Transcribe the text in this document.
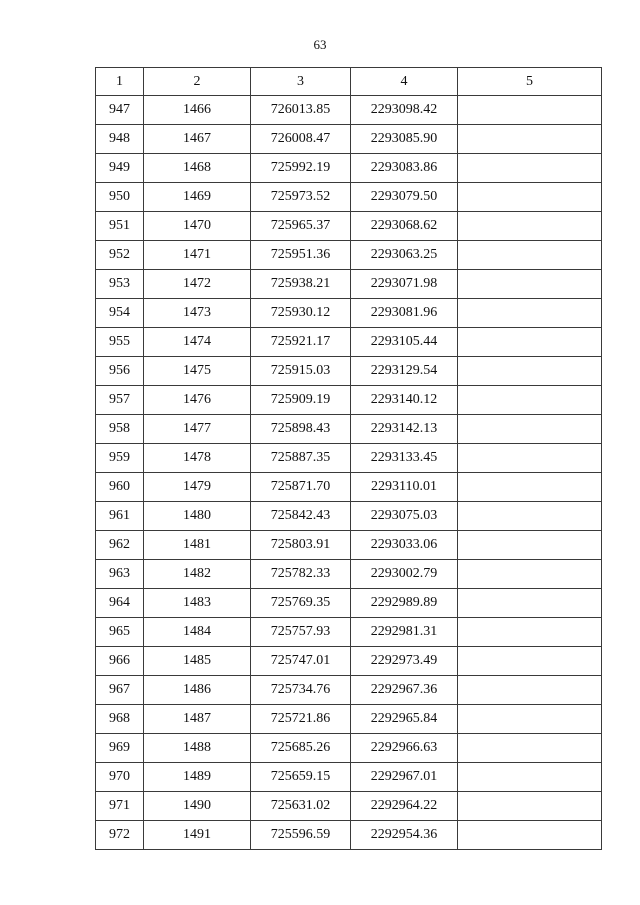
63
1	2	3	4	5
947	1466	726013.85	2293098.42	
948	1467	726008.47	2293085.90	
949	1468	725992.19	2293083.86	
950	1469	725973.52	2293079.50	
951	1470	725965.37	2293068.62	
952	1471	725951.36	2293063.25	
953	1472	725938.21	2293071.98	
954	1473	725930.12	2293081.96	
955	1474	725921.17	2293105.44	
956	1475	725915.03	2293129.54	
957	1476	725909.19	2293140.12	
958	1477	725898.43	2293142.13	
959	1478	725887.35	2293133.45	
960	1479	725871.70	2293110.01	
961	1480	725842.43	2293075.03	
962	1481	725803.91	2293033.06	
963	1482	725782.33	2293002.79	
964	1483	725769.35	2292989.89	
965	1484	725757.93	2292981.31	
966	1485	725747.01	2292973.49	
967	1486	725734.76	2292967.36	
968	1487	725721.86	2292965.84	
969	1488	725685.26	2292966.63	
970	1489	725659.15	2292967.01	
971	1490	725631.02	2292964.22	
972	1491	725596.59	2292954.36	
